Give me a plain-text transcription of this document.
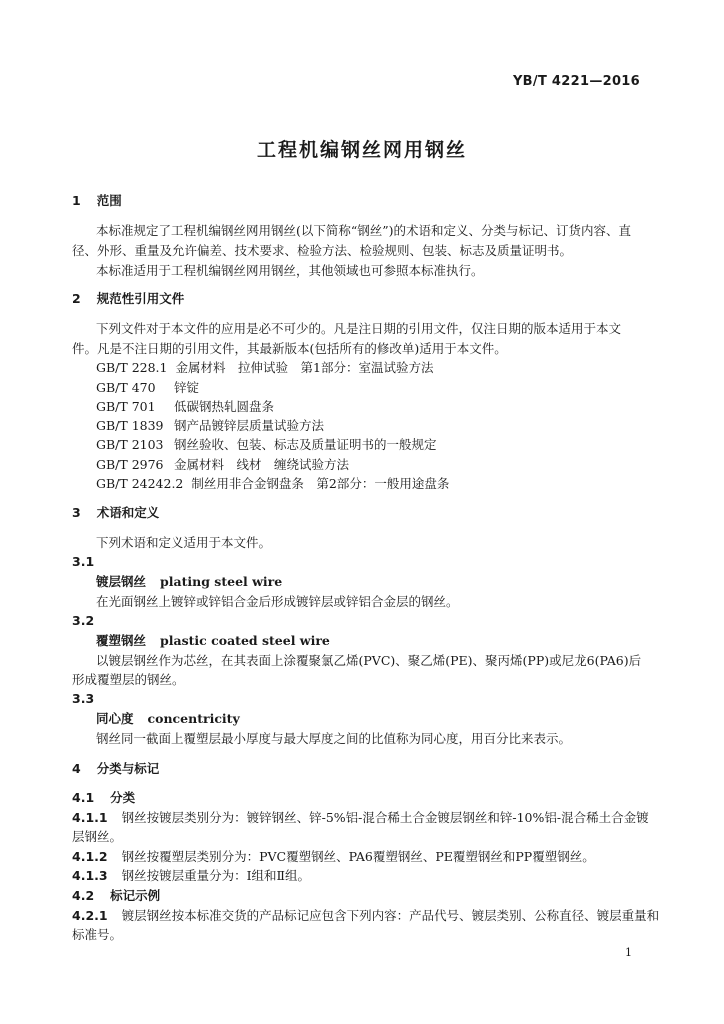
YB/T 4221—2016
工程机编钢丝网用钢丝
1 范围
本标准规定了工程机编钢丝网用钢丝(以下简称“钢丝”)的术语和定义、分类与标记、订货内容、直
径、外形、重量及允许偏差、技术要求、检验方法、检验规则、包装、标志及质量证明书。
本标准适用于工程机编钢丝网用钢丝，其他领域也可参照本标准执行。
2 规范性引用文件
下列文件对于本文件的应用是必不可少的。凡是注日期的引用文件，仅注日期的版本适用于本文
件。凡是不注日期的引用文件，其最新版本(包括所有的修改单)适用于本文件。
GB/T 228.1 金属材料　拉伸试验　第1部分：室温试验方法
GB/T 470 锌锭
GB/T 701 低碳钢热轧圆盘条
GB/T 1839 钢产品镀锌层质量试验方法
GB/T 2103 钢丝验收、包装、标志及质量证明书的一般规定
GB/T 2976 金属材料　线材　缠绕试验方法
GB/T 24242.2 制丝用非合金钢盘条　第2部分：一般用途盘条
3 术语和定义
下列术语和定义适用于本文件。
3.1
镀层钢丝 plating steel wire
在光面钢丝上镀锌或锌铝合金后形成镀锌层或锌铝合金层的钢丝。
3.2
覆塑钢丝 plastic coated steel wire
以镀层钢丝作为芯丝，在其表面上涂覆聚氯乙烯(PVC)、聚乙烯(PE)、聚丙烯(PP)或尼龙6(PA6)后
形成覆塑层的钢丝。
3.3
同心度 concentricity
钢丝同一截面上覆塑层最小厚度与最大厚度之间的比值称为同心度，用百分比来表示。
4 分类与标记
4.1 分类
4.1.1 钢丝按镀层类别分为：镀锌钢丝、锌-5%铝-混合稀土合金镀层钢丝和锌-10%铝-混合稀土合金镀
层钢丝。
4.1.2 钢丝按覆塑层类别分为：PVC覆塑钢丝、PA6覆塑钢丝、PE覆塑钢丝和PP覆塑钢丝。
4.1.3 钢丝按镀层重量分为：Ⅰ组和Ⅱ组。
4.2 标记示例
4.2.1 镀层钢丝按本标准交货的产品标记应包含下列内容：产品代号、镀层类别、公称直径、镀层重量和
标准号。
1
